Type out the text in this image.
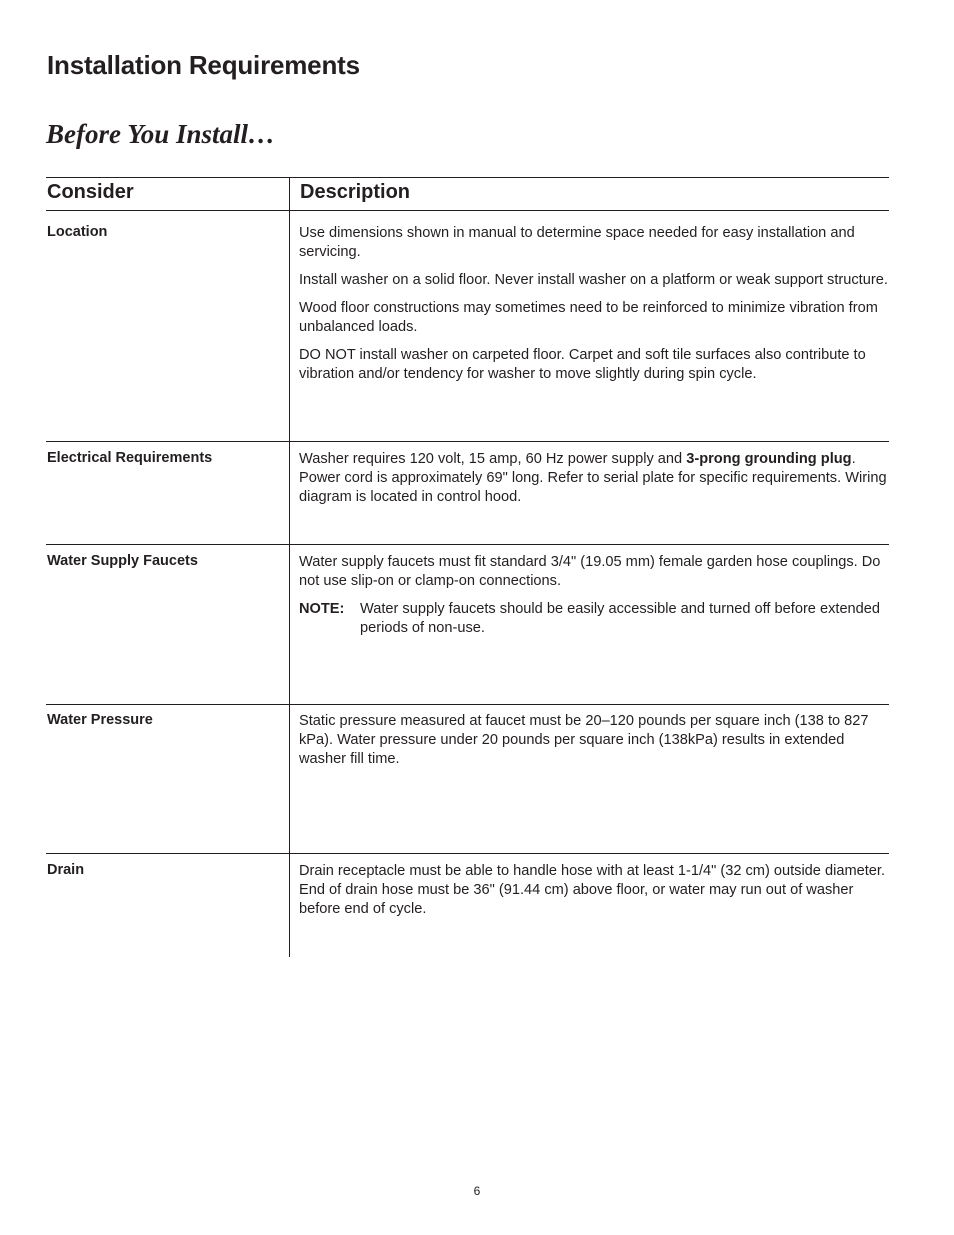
Installation Requirements
Before You Install…
Consider	Description
Location	Use dimensions shown in manual to determine space needed for easy installation and servicing.

Install washer on a solid floor. Never install washer on a platform or weak support structure.

Wood floor constructions may sometimes need to be reinforced to minimize vibration from unbalanced loads.

DO NOT install washer on carpeted floor. Carpet and soft tile surfaces also contribute to vibration and/or tendency for washer to move slightly during spin cycle.

Electrical Requirements	Washer requires 120 volt, 15 amp, 60 Hz power supply and 3-prong grounding plug. Power cord is approximately 69" long. Refer to serial plate for specific requirements. Wiring diagram is located in control hood.

Water Supply Faucets	Water supply faucets must fit standard 3/4" (19.05 mm) female garden hose couplings. Do not use slip-on or clamp-on connections.

NOTE:	Water supply faucets should be easily accessible and turned off before extended periods of non-use.
Water Pressure	Static pressure measured at faucet must be 20–120 pounds per square inch (138 to 827 kPa). Water pressure under 20 pounds per square inch (138kPa) results in extended washer fill time.

Drain	Drain receptacle must be able to handle hose with at least 1-1/4" (32 cm) outside diameter. End of drain hose must be 36" (91.44 cm) above floor, or water may run out of washer before end of cycle.

6
